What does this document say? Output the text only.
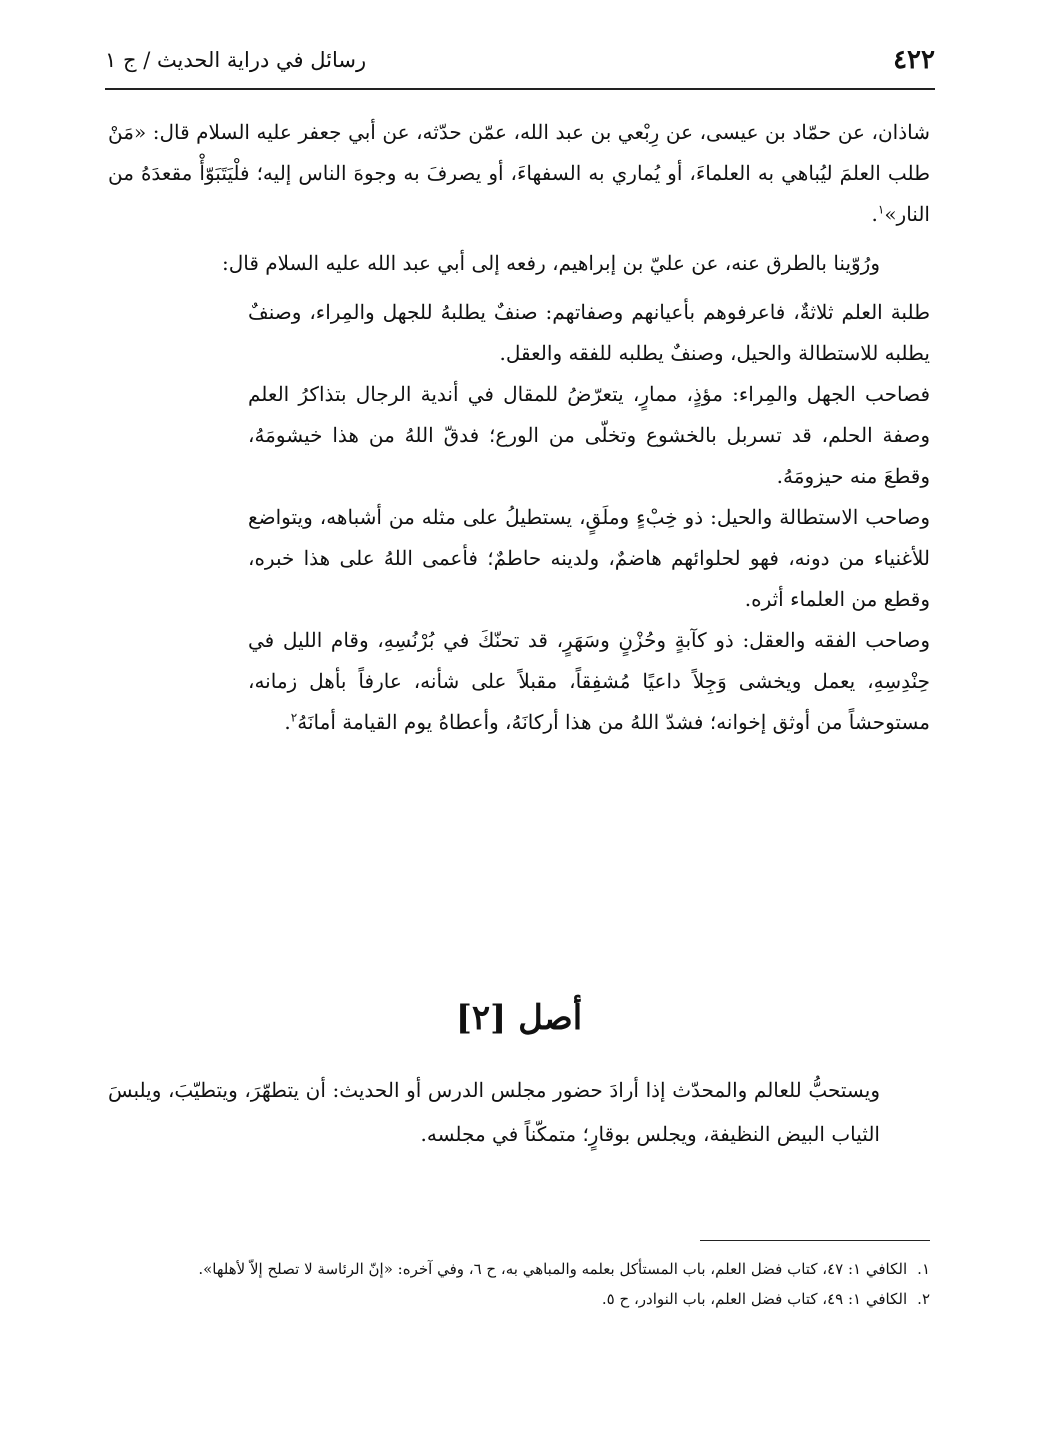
٤٢٢
رسائل في دراية الحديث / ج ١

شاذان، عن حمّاد بن عيسى، عن رِبْعي بن عبد الله، عمّن حدّثه، عن أبي جعفر عليه السلام قال: «مَنْ طلب العلمَ ليُباهي به العلماءَ، أو يُماري به السفهاءَ، أو يصرفَ به وجوهَ الناس إليه؛ فلْيَتَبَوّأْ مقعدَهُ من النار»$^١$.

ورُوّينا بالطرق عنه، عن عليّ بن إبراهيم، رفعه إلى أبي عبد الله عليه السلام قال:

طلبة العلم ثلاثةٌ، فاعرفوهم بأعيانهم وصفاتهم: صنفٌ يطلبهُ للجهل والمِراء، وصنفٌ يطلبه للاستطالة والحيل، وصنفٌ يطلبه للفقه والعقل.

فصاحب الجهل والمِراء: مؤذٍ، ممارٍ، يتعرّضُ للمقال في أندية الرجال بتذاكرُ العلم وصفة الحلم، قد تسربل بالخشوع وتخلّى من الورع؛ فدقّ اللهُ من هذا خيشومَهُ، وقطعَ منه حيزومَهُ.

وصاحب الاستطالة والحيل: ذو خِبْءٍ وملَقٍ، يستطيلُ على مثله من أشباهه، ويتواضع للأغنياء من دونه، فهو لحلوائهم هاضمٌ، ولدينه حاطمٌ؛ فأعمى اللهُ على هذا خبره، وقطع من العلماء أثره.

وصاحب الفقه والعقل: ذو كآبةٍ وحُزْنٍ وسَهَرٍ، قد تحنّكَ في بُرْنُسِهِ، وقام الليل في حِنْدِسِهِ، يعمل ويخشى وَجِلاً داعيًا مُشفِقاً، مقبلاً على شأنه، عارفاً بأهل زمانه، مستوحشاً من أوثق إخوانه؛ فشدّ اللهُ من هذا أركانَهُ، وأعطاهُ يوم القيامة أمانَهُ$^٢$.

أصل [٢]

ويستحبُّ للعالم والمحدّث إذا أرادَ حضور مجلس الدرس أو الحديث: أن يتطهّرَ، ويتطيّبَ، ويلبسَ الثياب البيض النظيفة، ويجلس بوقارٍ؛ متمكّناً في مجلسه.

١.الكافي ١: ٤٧، كتاب فضل العلم، باب المستأكل بعلمه والمباهي به، ح ٦، وفي آخره: «إنّ الرئاسة لا تصلح إلاّ لأهلها».

٢.الكافي ١: ٤٩، كتاب فضل العلم، باب النوادر، ح ٥.
